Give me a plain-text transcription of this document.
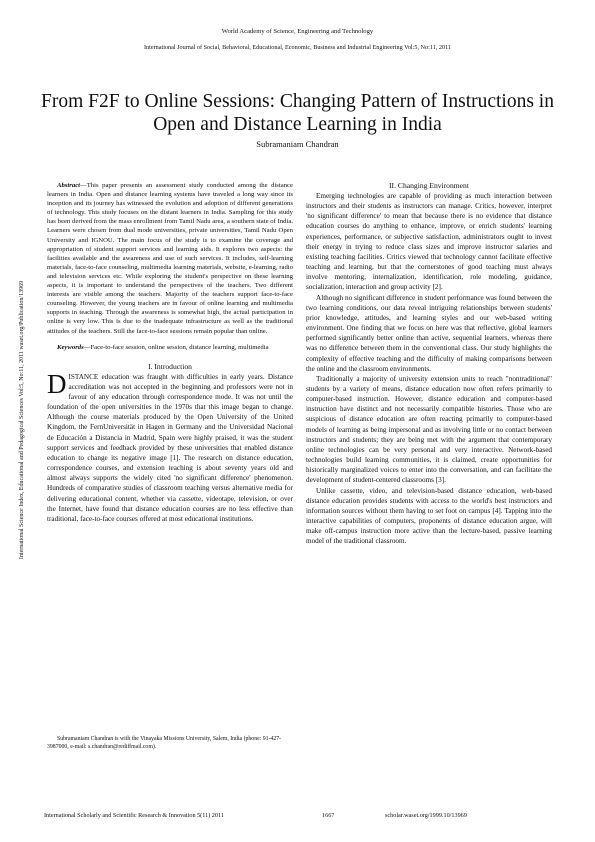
World Academy of Science, Engineering and Technology
International Journal of Social, Behavioral, Educational, Economic, Business and Industrial Engineering Vol:5, No:11, 2011
From F2F to Online Sessions: Changing Pattern of Instructions in Open and Distance Learning in India
Subramaniam Chandran
International Science Index, Educational and Pedagogical Sciences Vol:5, No:11, 2011 waset.org/Publication/13969

Abstract—This paper presents an assessment study conducted among the distance learners in India. Open and distance learning systems have traveled a long way since its inception and its journey has witnessed the evolution and adoption of different generations of technology. This study focuses on the distant learners in India. Sampling for this study has been derived from the mass enrollment from Tamil Nadu area, a southern state of India. Learners were chosen from dual mode universities, private universities, Tamil Nadu Open University and IGNOU. The main focus of the study is to examine the coverage and appropriation of student support services and learning aids. It explores two aspects: the facilities available and the awareness and use of such services. It includes, self-learning materials, face-to-face counseling, multimedia learning materials, website, e-learning, radio and television services etc. While exploring the student's perspective on these learning aspects, it is important to understand the perspectives of the teachers. Two different interests are visible among the teachers. Majority of the teachers support face-to-face counseling. However, the young teachers are in favour of online learning and multimedia supports in teaching. Through the awareness is somewhat high, the actual participation in online is very low. This is due to the inadequate infrastructure as well as the traditional attitudes of the teachers. Still the face-to-face sessions remain popular than online.

Keywords—Face-to-face session, online session, distance learning, multimedia

I. Introduction

DISTANCE education was fraught with difficulties in early years. Distance accreditation was not accepted in the beginning and professors were not in favour of any education through correspondence mode. It was not until the foundation of the open universities in the 1970s that this image began to change. Although the course materials produced by the Open University of the United Kingdom, the FernUniversität in Hagen in Germany and the Universidad Nacional de Educación a Distancia in Madrid, Spain were highly praised, it was the student support services and feedback provided by these universities that enabled distance education to change its negative image [1]. The research on distance education, correspondence courses, and extension teaching is about seventy years old and almost always supports the widely cited 'no significant difference' phenomenon. Hundreds of comparative studies of classroom teaching versus alternative media for delivering educational content, whether via cassette, videotape, television, or over the Internet, have found that distance education courses are no less effective than traditional, face-to-face courses offered at most educational institutions.

Subramaniam Chandran is with the Vinayaka Missions University, Salem, India (phone: 91-427-3987000, e-mail: s.chandran@rediffmail.com).

II. Changing Environment

Emerging technologies are capable of providing as much interaction between instructors and their students as instructors can manage. Critics, however, interpret 'no significant difference' to mean that because there is no evidence that distance education courses do anything to enhance, improve, or enrich students' learning experiences, performance, or subjective satisfaction, administrators ought to invest their energy in trying to reduce class sizes and improve instructor salaries and existing teaching facilities. Critics viewed that technology cannot facilitate effective teaching and learning, but that the cornerstones of good teaching must always involve mentoring, internalization, identification, role modeling, guidance, socialization, interaction and group activity [2].

Although no significant difference in student performance was found between the two learning conditions, our data reveal intriguing relationships between students' prior knowledge, attitudes, and learning styles and our web-based writing environment. One finding that we focus on here was that reflective, global learners performed significantly better online than active, sequential learners, whereas there was no difference between them in the conventional class. Our study highlights the complexity of effective teaching and the difficulty of making comparisons between the online and the classroom environments.

Traditionally a majority of university extension units to reach "nontraditional" students by a variety of means, distance education now often refers primarily to computer-based instruction. However, distance education and computer-based instruction have distinct and not necessarily compatible histories. Those who are suspicious of distance education are often reacting primarily to computer-based models of learning as being impersonal and as involving little or no contact between instructors and students; they are being met with the argument that contemporary online technologies can be very personal and very interactive. Network-based technologies build learning communities, it is claimed, create opportunities for historically marginalized voices to enter into the conversation, and can facilitate the development of student-centered classrooms [3].

Unlike cassette, video, and television-based distance education, web-based distance education provides students with access to the world's best instructors and information sources without them having to set foot on campus [4]. Tapping into the interactive capabilities of computers, proponents of distance education argue, will make off-campus instruction more active than the lecture-based, passive learning model of the traditional classroom.

International Scholarly and Scientific Research & Innovation 5(11) 2011	1667	scholar.waset.org/1999.10/13969
